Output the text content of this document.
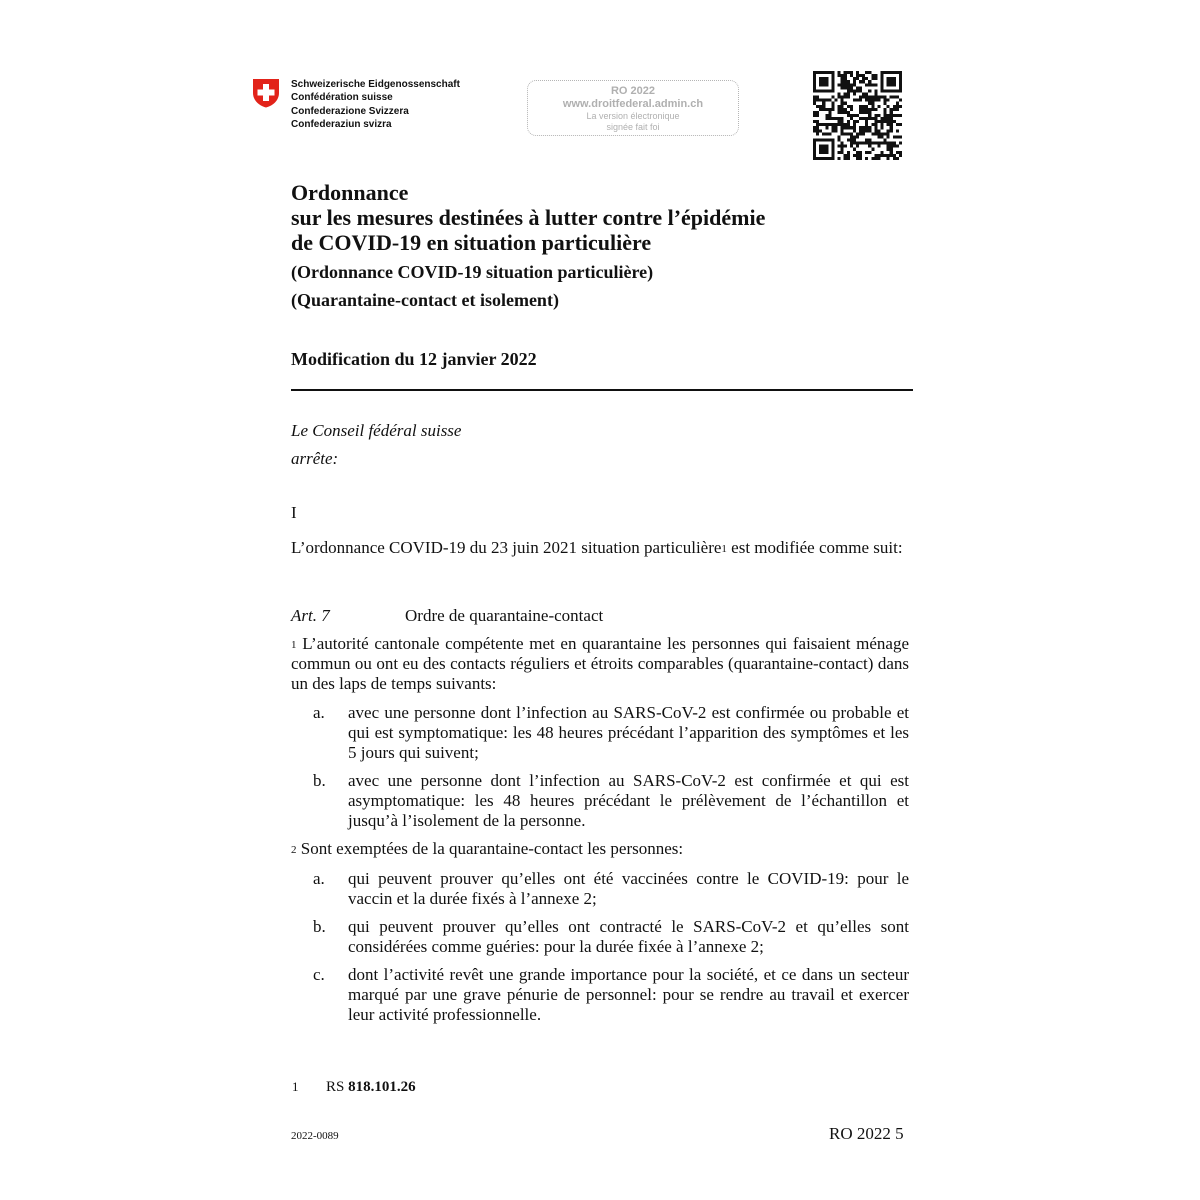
Schweizerische Eidgenossenschaft
Confédération suisse
Confederazione Svizzera
Confederaziun svizra
RO 2022
www.droitfederal.admin.ch
La version électronique
signée fait foi
Ordonnance
sur les mesures destinées à lutter contre l’épidémie
de COVID-19 en situation particulière
(Ordonnance COVID-19 situation particulière)
(Quarantaine-contact et isolement)
Modification du 12 janvier 2022
Le Conseil fédéral suisse
arrête:
I
L’ordonnance COVID-19 du 23 juin 2021 situation particulière$^1$ est modifiée comme suit:
Art. 7	Ordre de quarantaine-contact
$^1$ L’autorité cantonale compétente met en quarantaine les personnes qui faisaient ménage commun ou ont eu des contacts réguliers et étroits comparables (quarantaine-contact) dans un des laps de temps suivants:
a. avec une personne dont l’infection au SARS-CoV-2 est confirmée ou probable et qui est symptomatique: les 48 heures précédant l’apparition des symptômes et les 5 jours qui suivent;
b. avec une personne dont l’infection au SARS-CoV-2 est confirmée et qui est asymptomatique: les 48 heures précédant le prélèvement de l’échantillon et jusqu’à l’isolement de la personne.
$^2$ Sont exemptées de la quarantaine-contact les personnes:
a. qui peuvent prouver qu’elles ont été vaccinées contre le COVID-19: pour le vaccin et la durée fixés à l’annexe 2;
b. qui peuvent prouver qu’elles ont contracté le SARS-CoV-2 et qu’elles sont considérées comme guéries: pour la durée fixée à l’annexe 2;
c. dont l’activité revêt une grande importance pour la société, et ce dans un secteur marqué par une grave pénurie de personnel: pour se rendre au travail et exercer leur activité professionnelle.
1 RS 818.101.26
2022-0089	RO 2022 5
